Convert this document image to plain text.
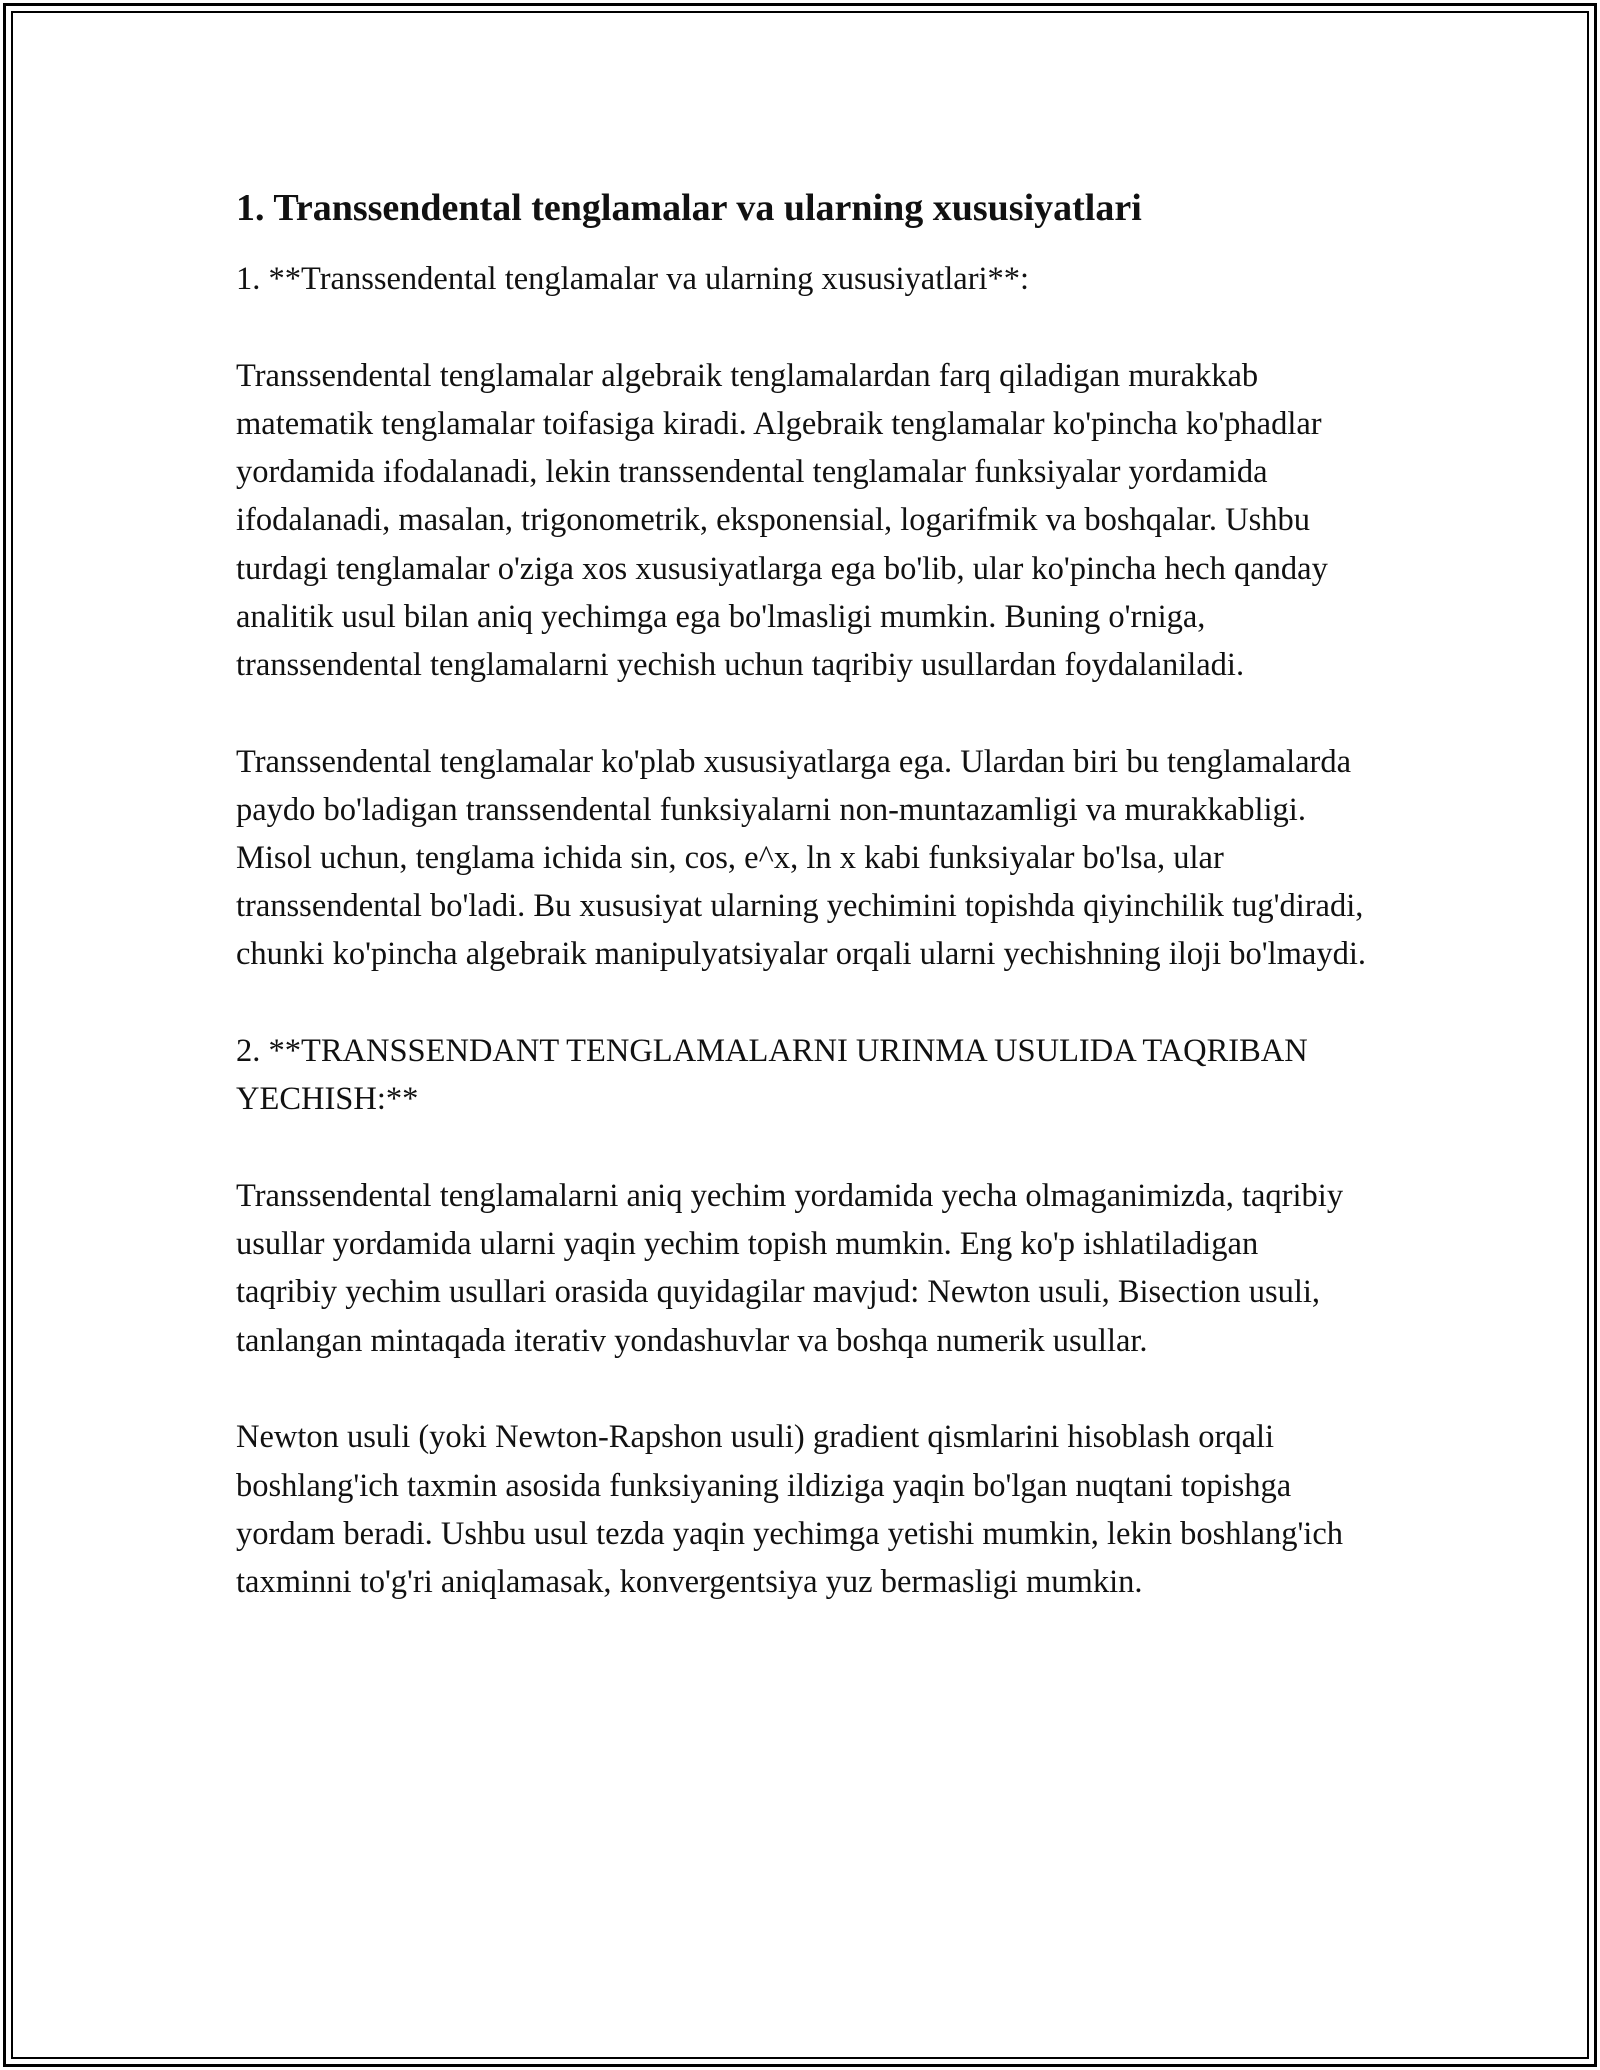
1. Transsendental tenglamalar va ularning xususiyatlari

1. **Transsendental tenglamalar va ularning xususiyatlari**:

Transsendental tenglamalar algebraik tenglamalardan farq qiladigan murakkab matematik tenglamalar toifasiga kiradi. Algebraik tenglamalar ko'pincha ko'phadlar yordamida ifodalanadi, lekin transsendental tenglamalar funksiyalar yordamida ifodalanadi, masalan, trigonometrik, eksponensial, logarifmik va boshqalar. Ushbu turdagi tenglamalar o'ziga xos xususiyatlarga ega bo'lib, ular ko'pincha hech qanday analitik usul bilan aniq yechimga ega bo'lmasligi mumkin. Buning o'rniga, transsendental tenglamalarni yechish uchun taqribiy usullardan foydalaniladi.

Transsendental tenglamalar ko'plab xususiyatlarga ega. Ulardan biri bu tenglamalarda paydo bo'ladigan transsendental funksiyalarni non-muntazamligi va murakkabligi. Misol uchun, tenglama ichida sin, cos, e^x, ln x kabi funksiyalar bo'lsa, ular transsendental bo'ladi. Bu xususiyat ularning yechimini topishda qiyinchilik tug'diradi, chunki ko'pincha algebraik manipulyatsiyalar orqali ularni yechishning iloji bo'lmaydi.

2. **TRANSSENDANT TENGLAMALARNI URINMA USULIDA TAQRIBAN YECHISH:**

Transsendental tenglamalarni aniq yechim yordamida yecha olmaganimizda, taqribiy usullar yordamida ularni yaqin yechim topish mumkin. Eng ko'p ishlatiladigan taqribiy yechim usullari orasida quyidagilar mavjud: Newton usuli, Bisection usuli, tanlangan mintaqada iterativ yondashuvlar va boshqa numerik usullar.

Newton usuli (yoki Newton-Rapshon usuli) gradient qismlarini hisoblash orqali boshlang'ich taxmin asosida funksiyaning ildiziga yaqin bo'lgan nuqtani topishga yordam beradi. Ushbu usul tezda yaqin yechimga yetishi mumkin, lekin boshlang'ich taxminni to'g'ri aniqlamasak, konvergentsiya yuz bermasligi mumkin.
